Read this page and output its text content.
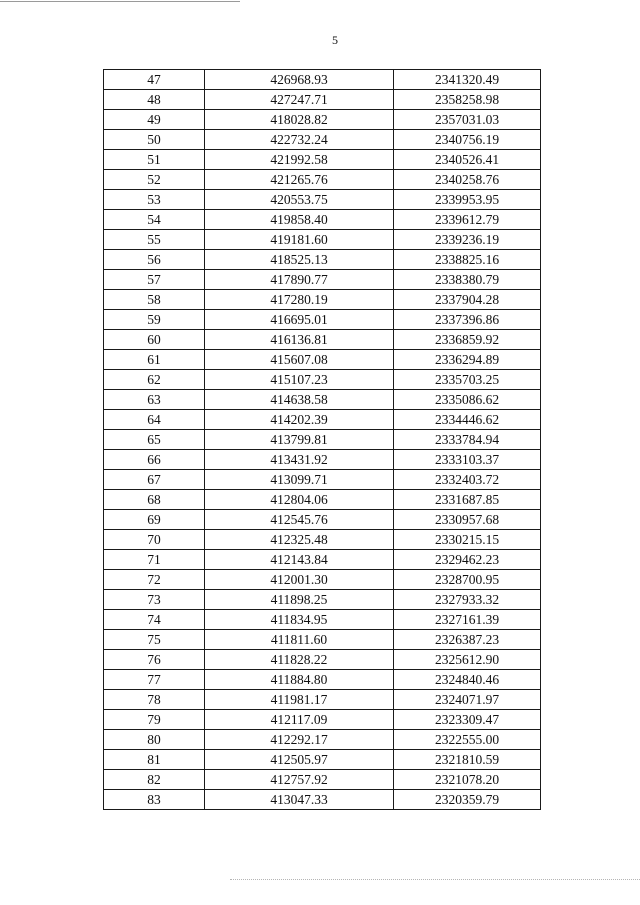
5
47	426968.93	2341320.49
48	427247.71	2358258.98
49	418028.82	2357031.03
50	422732.24	2340756.19
51	421992.58	2340526.41
52	421265.76	2340258.76
53	420553.75	2339953.95
54	419858.40	2339612.79
55	419181.60	2339236.19
56	418525.13	2338825.16
57	417890.77	2338380.79
58	417280.19	2337904.28
59	416695.01	2337396.86
60	416136.81	2336859.92
61	415607.08	2336294.89
62	415107.23	2335703.25
63	414638.58	2335086.62
64	414202.39	2334446.62
65	413799.81	2333784.94
66	413431.92	2333103.37
67	413099.71	2332403.72
68	412804.06	2331687.85
69	412545.76	2330957.68
70	412325.48	2330215.15
71	412143.84	2329462.23
72	412001.30	2328700.95
73	411898.25	2327933.32
74	411834.95	2327161.39
75	411811.60	2326387.23
76	411828.22	2325612.90
77	411884.80	2324840.46
78	411981.17	2324071.97
79	412117.09	2323309.47
80	412292.17	2322555.00
81	412505.97	2321810.59
82	412757.92	2321078.20
83	413047.33	2320359.79
